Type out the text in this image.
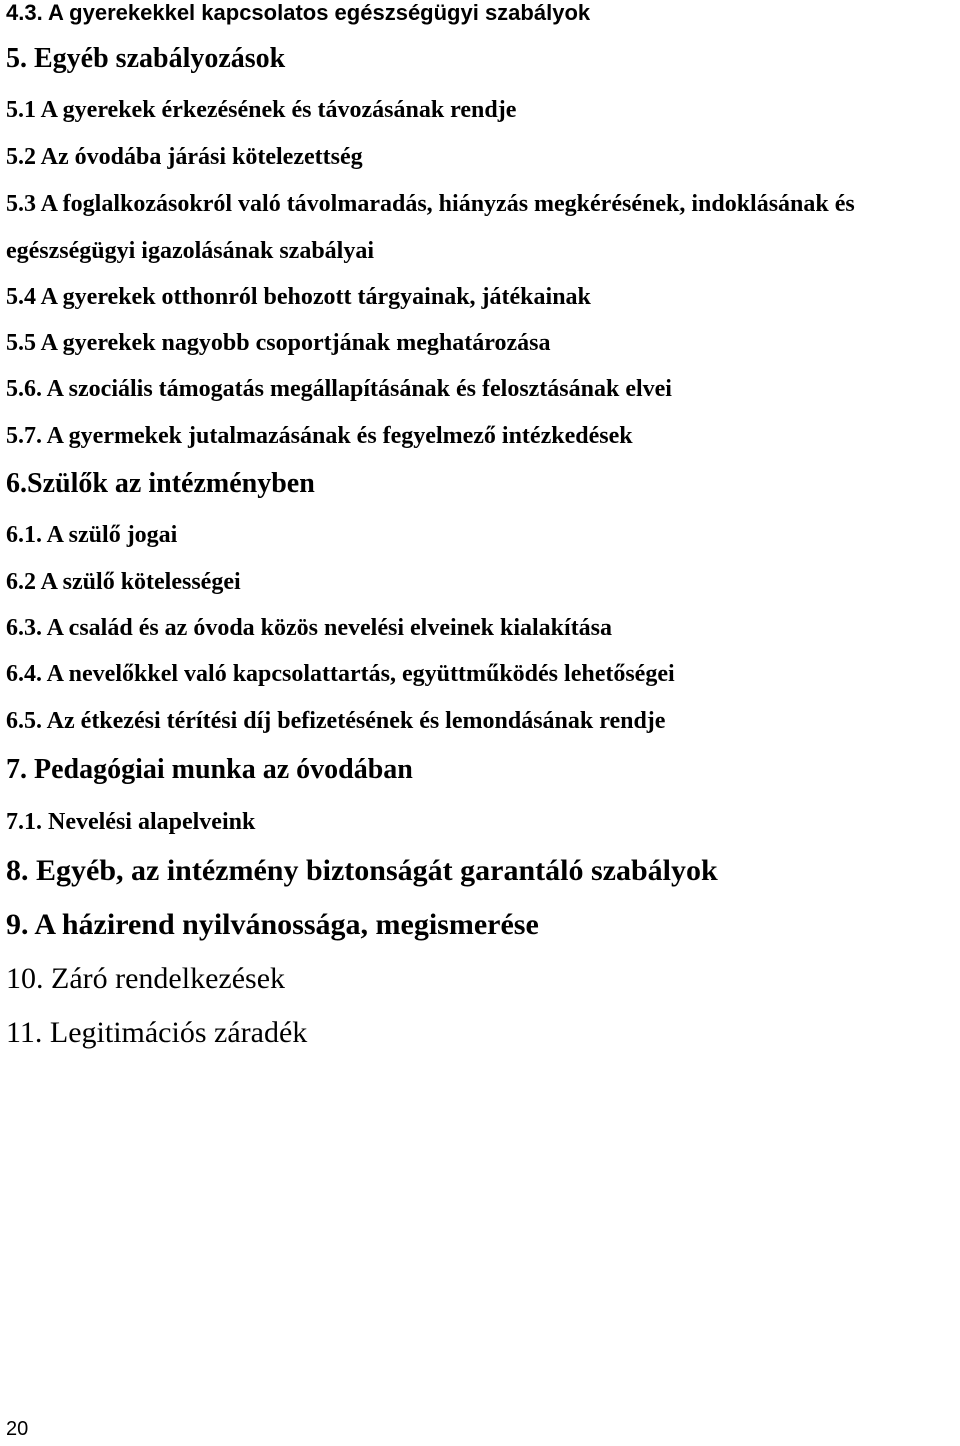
4.3. A gyerekekkel kapcsolatos egészségügyi szabályok
5. Egyéb szabályozások
5.1 A gyerekek érkezésének és távozásának rendje
5.2 Az óvodába járási kötelezettség
5.3 A foglalkozásokról való távolmaradás, hiányzás megkérésének, indoklásának és
egészségügyi igazolásának szabályai
5.4 A gyerekek otthonról behozott tárgyainak, játékainak
5.5 A gyerekek nagyobb csoportjának meghatározása
5.6. A szociális támogatás megállapításának és felosztásának elvei
5.7. A gyermekek jutalmazásának és fegyelmező intézkedések
6.Szülők az intézményben
6.1. A szülő jogai
6.2 A szülő kötelességei
6.3. A család és az óvoda közös nevelési elveinek kialakítása
6.4. A nevelőkkel való kapcsolattartás, együttműködés lehetőségei
6.5. Az étkezési térítési díj befizetésének és lemondásának rendje
7. Pedagógiai munka az óvodában
7.1. Nevelési alapelveink
8. Egyéb, az intézmény biztonságát garantáló szabályok
9. A házirend nyilvánossága, megismerése
10. Záró rendelkezések
11. Legitimációs záradék
20
